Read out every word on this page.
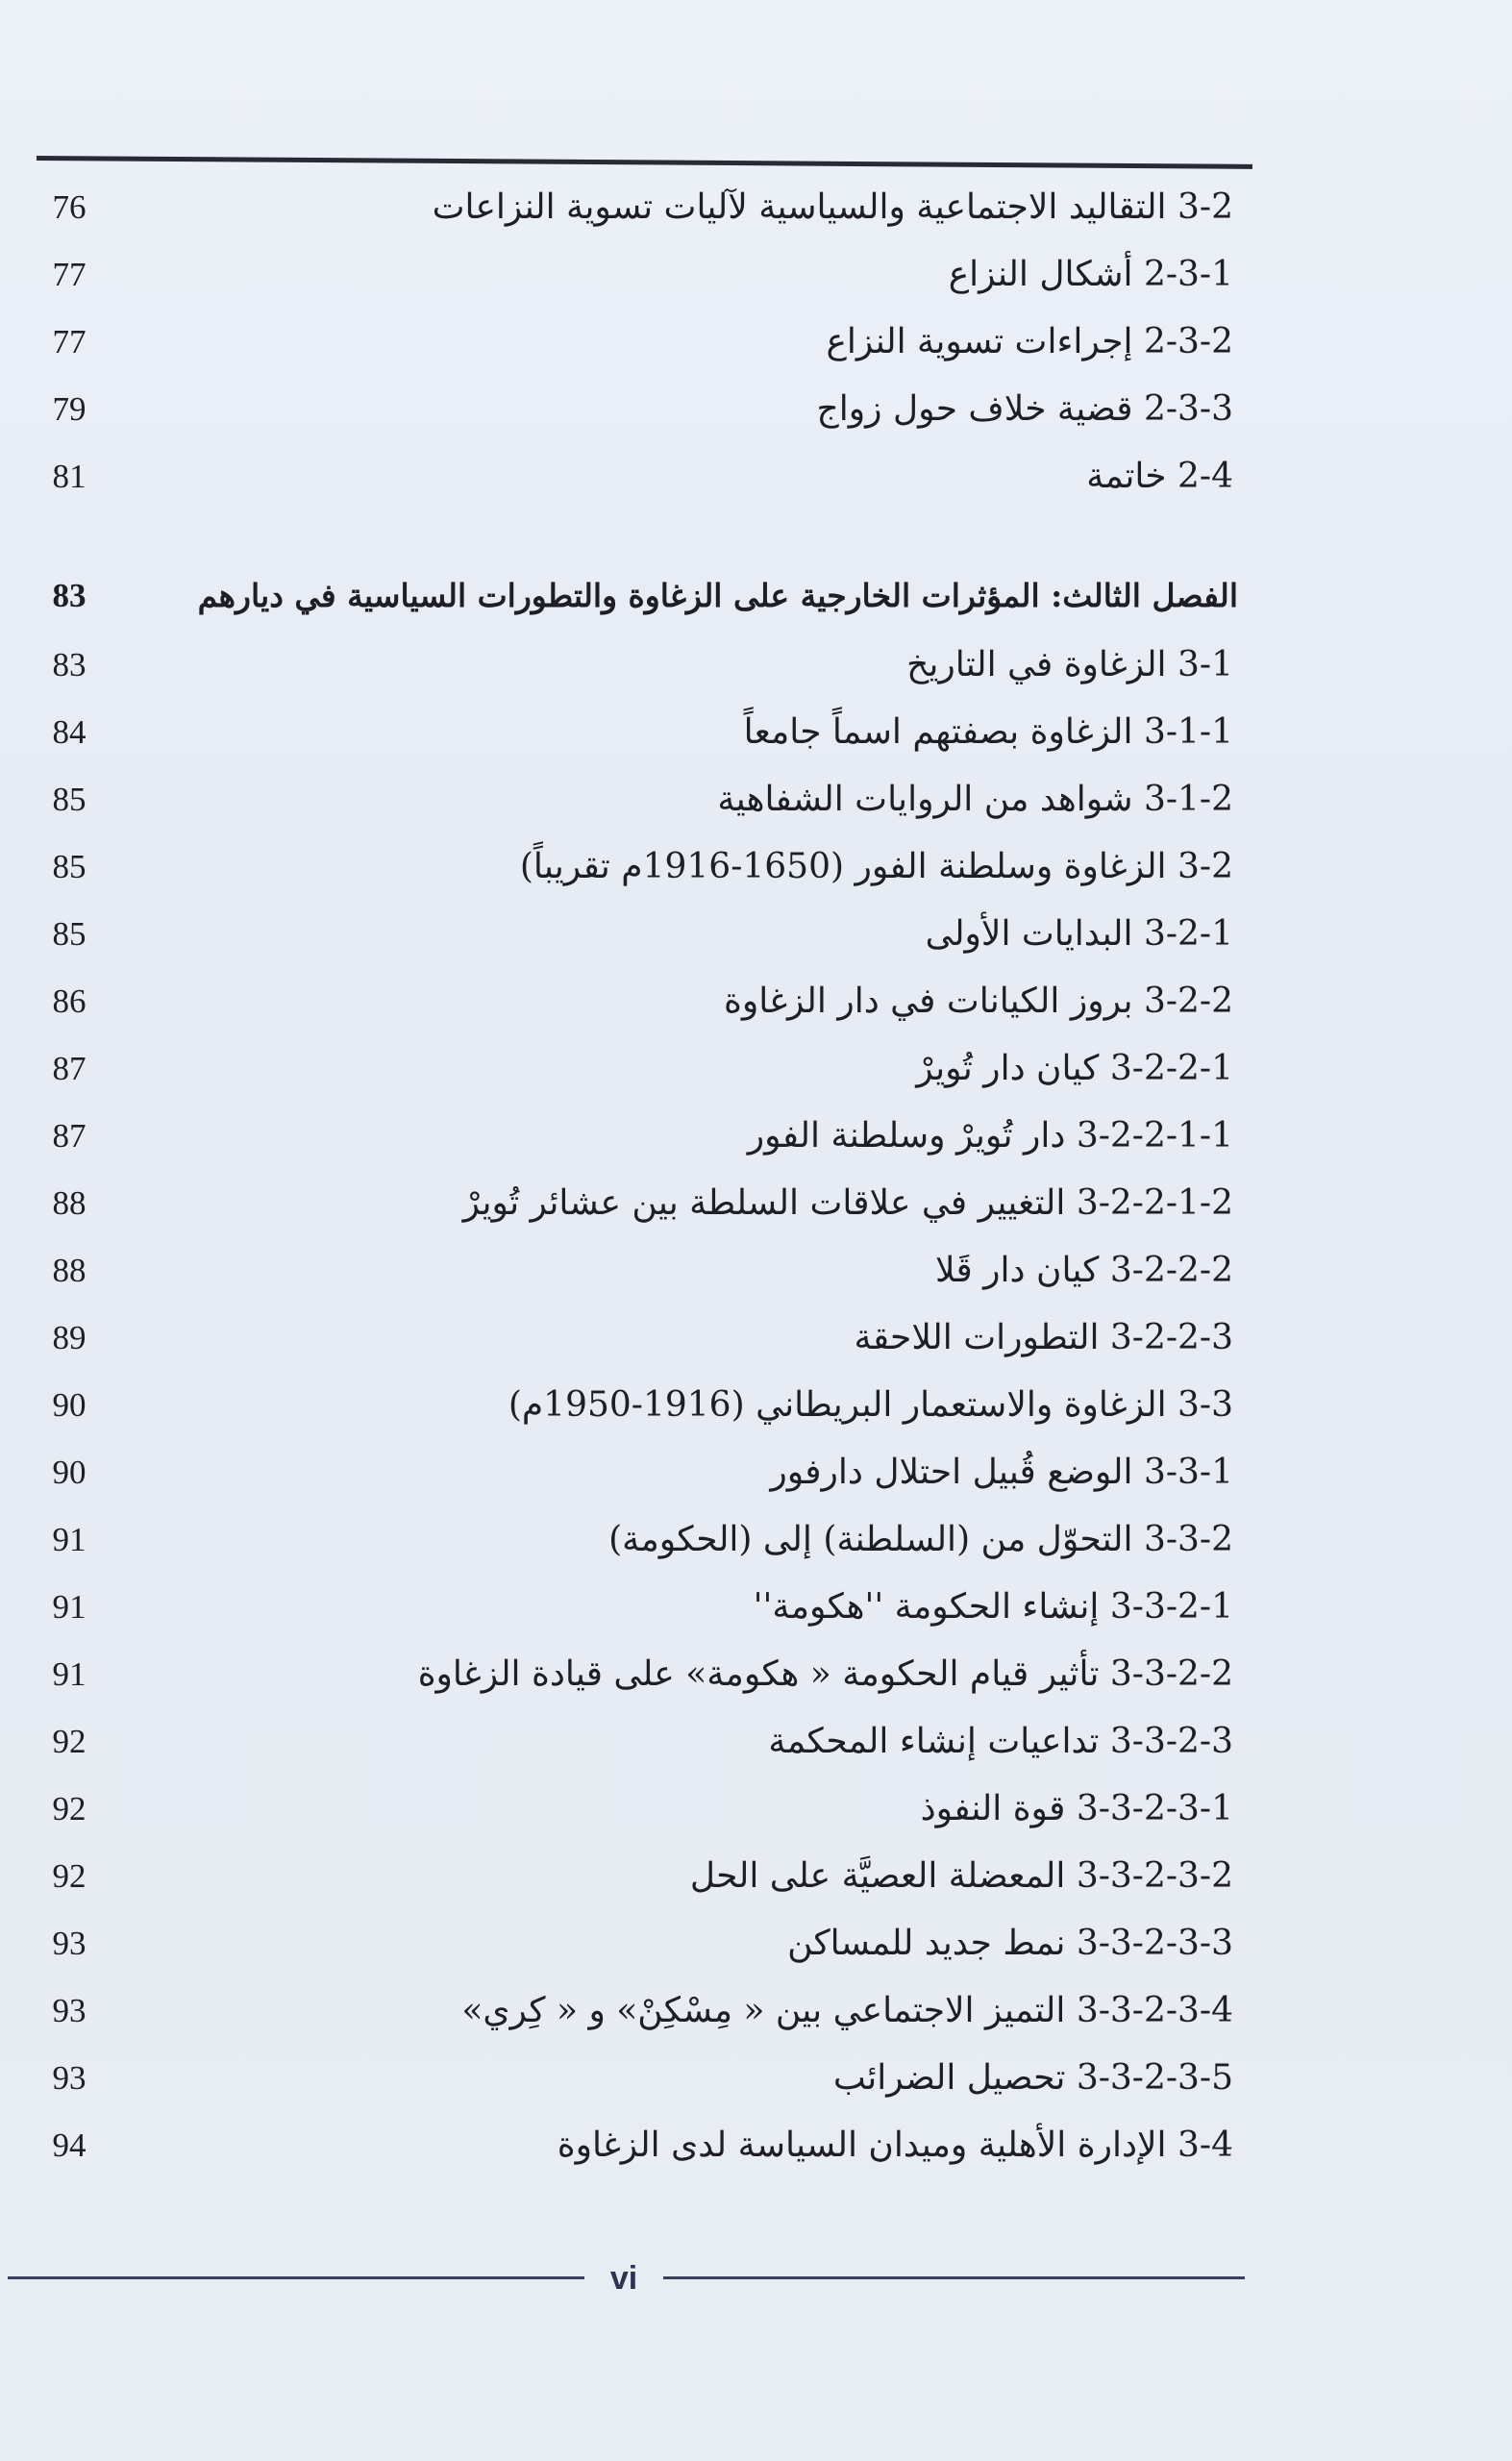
3-2 التقاليد الاجتماعية والسياسية لآليات تسوية النزاعات
76
2-3-1 أشكال النزاع
77
2-3-2 إجراءات تسوية النزاع
77
2-3-3 قضية خلاف حول زواج
79
2-4 خاتمة
81
الفصل الثالث: المؤثرات الخارجية على الزغاوة والتطورات السياسية في ديارهم
83
3-1 الزغاوة في التاريخ
83
3-1-1 الزغاوة بصفتهم اسماً جامعاً
84
3-1-2 شواهد من الروايات الشفاهية
85
3-2 الزغاوة وسلطنة الفور (1650-1916م تقريباً)
85
3-2-1 البدايات الأولى
85
3-2-2 بروز الكيانات في دار الزغاوة
86
3-2-2-1 كيان دار تُويرْ
87
3-2-2-1-1 دار تُويرْ وسلطنة الفور
87
3-2-2-1-2 التغيير في علاقات السلطة بين عشائر تُويرْ
88
3-2-2-2 كيان دار قَلا
88
3-2-2-3 التطورات اللاحقة
89
3-3 الزغاوة والاستعمار البريطاني (1916-1950م)
90
3-3-1 الوضع قُبيل احتلال دارفور
90
3-3-2 التحوّل من (السلطنة) إلى (الحكومة)
91
3-3-2-1 إنشاء الحكومة ''هكومة''
91
3-3-2-2 تأثير قيام الحكومة « هكومة» على قيادة الزغاوة
91
3-3-2-3 تداعيات إنشاء المحكمة
92
3-3-2-3-1 قوة النفوذ
92
3-3-2-3-2 المعضلة العصيَّة على الحل
92
3-3-2-3-3 نمط جديد للمساكن
93
3-3-2-3-4 التميز الاجتماعي بين « مِسْكِنْ» و « كِري»
93
3-3-2-3-5 تحصيل الضرائب
93
3-4 الإدارة الأهلية وميدان السياسة لدى الزغاوة
94
vi
